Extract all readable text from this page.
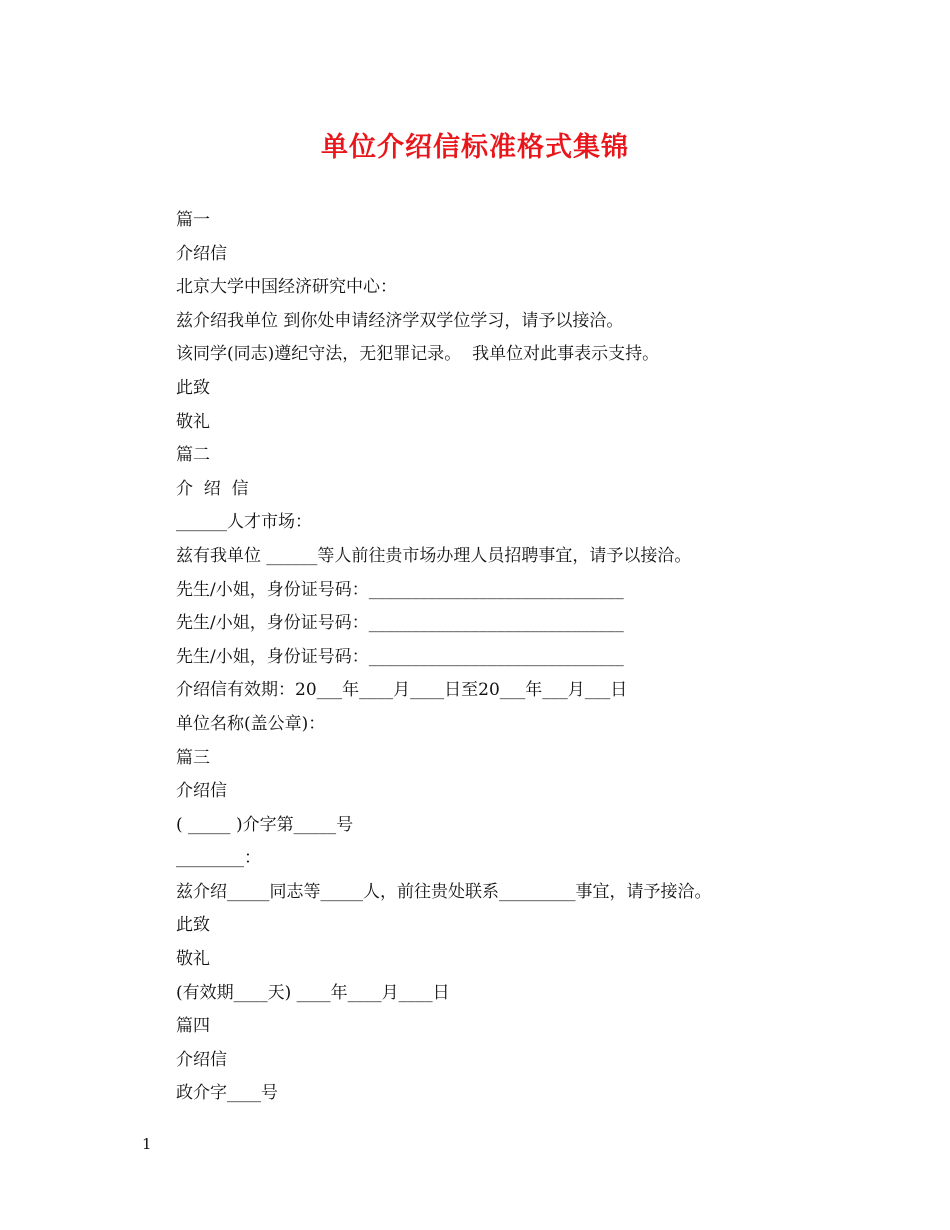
单位介绍信标准格式集锦
篇一
介绍信
北京大学中国经济研究中心：
兹介绍我单位 到你处申请经济学双学位学习，请予以接洽。
该同学(同志)遵纪守法，无犯罪记录。  我单位对此事表示支持。
此致
敬礼
篇二
介  绍  信
______人才市场：
兹有我单位 ______等人前往贵市场办理人员招聘事宜，请予以接洽。
先生/小姐，身份证号码：______________________________
先生/小姐，身份证号码：______________________________
先生/小姐，身份证号码：______________________________
介绍信有效期：20___年____月____日至20___年___月___日
单位名称(盖公章)：
篇三
介绍信
( _____ )介字第_____号
________：
兹介绍_____同志等_____人，前往贵处联系_________事宜，请予接洽。
此致
敬礼
(有效期____天) ____年____月____日
篇四
介绍信
政介字____号
1
